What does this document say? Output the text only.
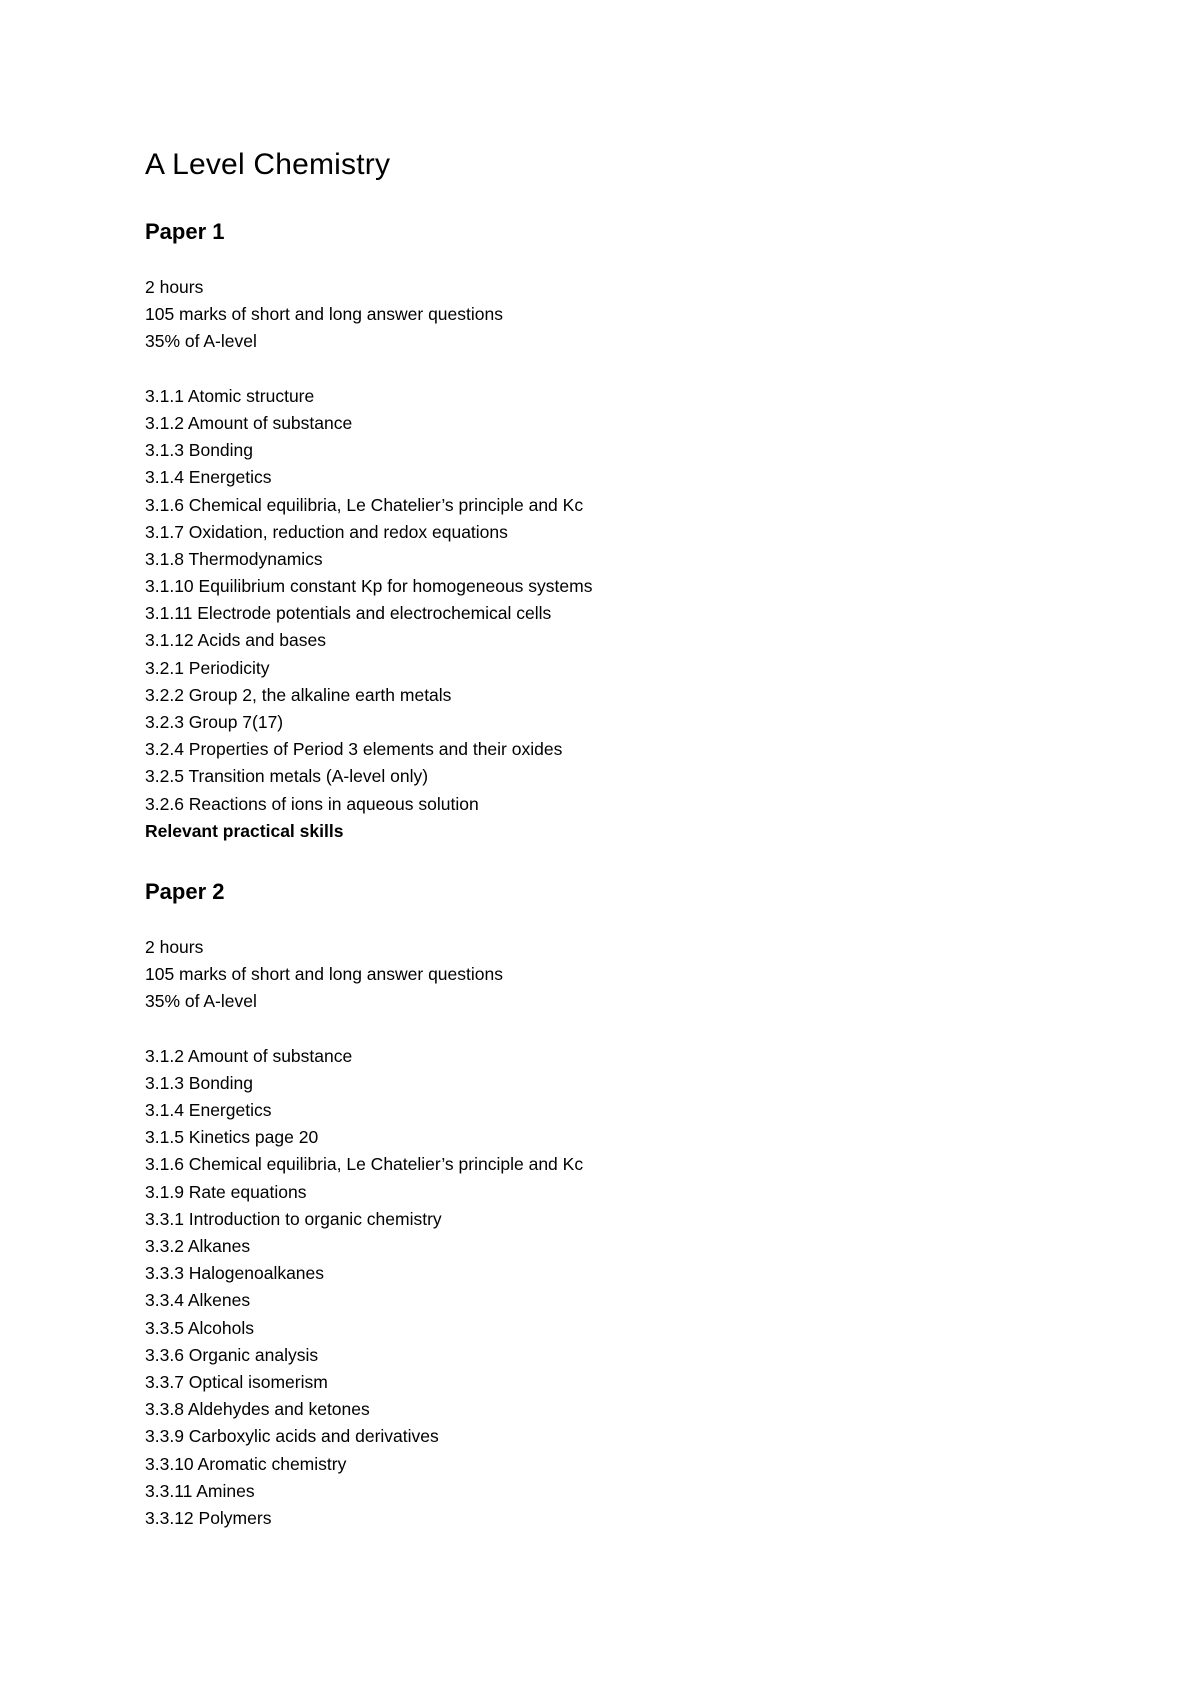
A Level Chemistry
Paper 1
2 hours
105 marks of short and long answer questions
35% of A-level
3.1.1 Atomic structure
3.1.2 Amount of substance
3.1.3 Bonding
3.1.4 Energetics
3.1.6 Chemical equilibria, Le Chatelier’s principle and Kc
3.1.7 Oxidation, reduction and redox equations
3.1.8 Thermodynamics
3.1.10 Equilibrium constant Kp for homogeneous systems
3.1.11 Electrode potentials and electrochemical cells
3.1.12 Acids and bases
3.2.1 Periodicity
3.2.2 Group 2, the alkaline earth metals
3.2.3 Group 7(17)
3.2.4 Properties of Period 3 elements and their oxides
3.2.5 Transition metals (A-level only)
3.2.6 Reactions of ions in aqueous solution
Relevant practical skills
Paper 2
2 hours
105 marks of short and long answer questions
35% of A-level
3.1.2 Amount of substance
3.1.3 Bonding
3.1.4 Energetics
3.1.5 Kinetics page 20
3.1.6 Chemical equilibria, Le Chatelier’s principle and Kc
3.1.9 Rate equations
3.3.1 Introduction to organic chemistry
3.3.2 Alkanes
3.3.3 Halogenoalkanes
3.3.4 Alkenes
3.3.5 Alcohols
3.3.6 Organic analysis
3.3.7 Optical isomerism
3.3.8 Aldehydes and ketones
3.3.9 Carboxylic acids and derivatives
3.3.10 Aromatic chemistry
3.3.11 Amines
3.3.12 Polymers
